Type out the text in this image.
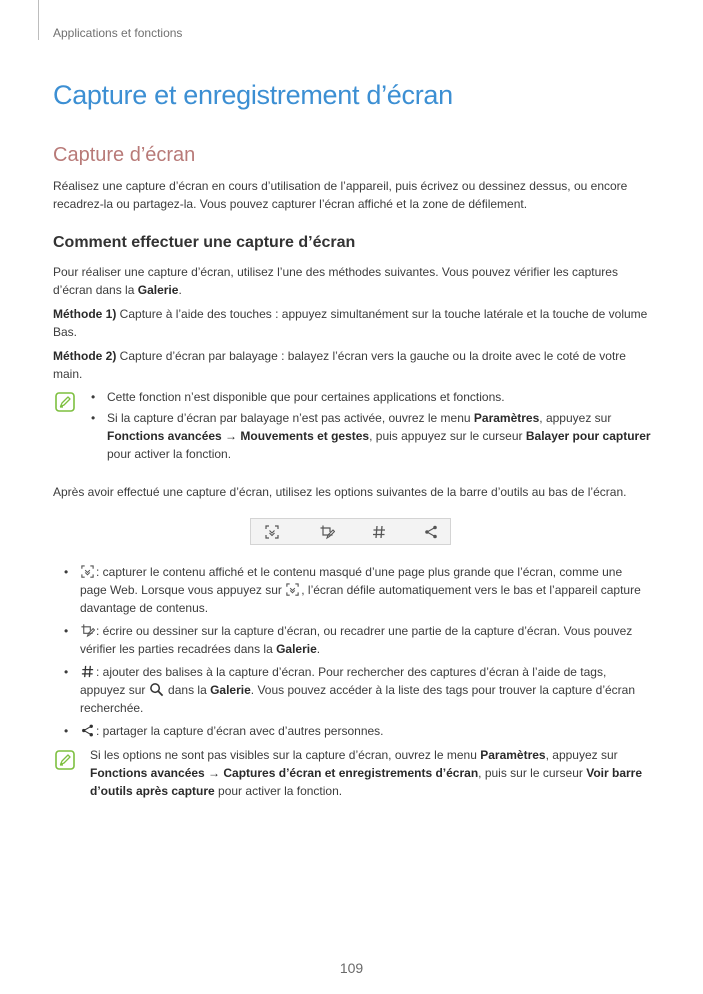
Applications et fonctions
Capture et enregistrement d’écran
Capture d’écran

Réalisez une capture d’écran en cours d’utilisation de l’appareil, puis écrivez ou dessinez dessus, ou encore recadrez-la ou partagez-la. Vous pouvez capturer l’écran affiché et la zone de défilement.

Comment effectuer une capture d’écran

Pour réaliser une capture d’écran, utilisez l’une des méthodes suivantes. Vous pouvez vérifier les captures d’écran dans la Galerie.

Méthode 1) Capture à l’aide des touches : appuyez simultanément sur la touche latérale et la touche de volume Bas.

Méthode 2) Capture d’écran par balayage : balayez l’écran vers la gauche ou la droite avec le coté de votre main.

• Cette fonction n’est disponible que pour certaines applications et fonctions.
• Si la capture d’écran par balayage n’est pas activée, ouvrez le menu Paramètres, appuyez sur Fonctions avancées → Mouvements et gestes, puis appuyez sur le curseur Balayer pour capturer pour activer la fonction.

Après avoir effectué une capture d’écran, utilisez les options suivantes de la barre d’outils au bas de l’écran.

• : capturer le contenu affiché et le contenu masqué d’une page plus grande que l’écran, comme une page Web. Lorsque vous appuyez sur , l’écran défile automatiquement vers le bas et l’appareil capture davantage de contenus.
• : écrire ou dessiner sur la capture d’écran, ou recadrer une partie de la capture d’écran. Vous pouvez vérifier les parties recadrées dans la Galerie.
• : ajouter des balises à la capture d’écran. Pour rechercher des captures d’écran à l’aide de tags, appuyez sur  dans la Galerie. Vous pouvez accéder à la liste des tags pour trouver la capture d’écran recherchée.
• : partager la capture d’écran avec d’autres personnes.

Si les options ne sont pas visibles sur la capture d’écran, ouvrez le menu Paramètres, appuyez sur Fonctions avancées → Captures d’écran et enregistrements d’écran, puis sur le curseur Voir barre d’outils après capture pour activer la fonction.

109
